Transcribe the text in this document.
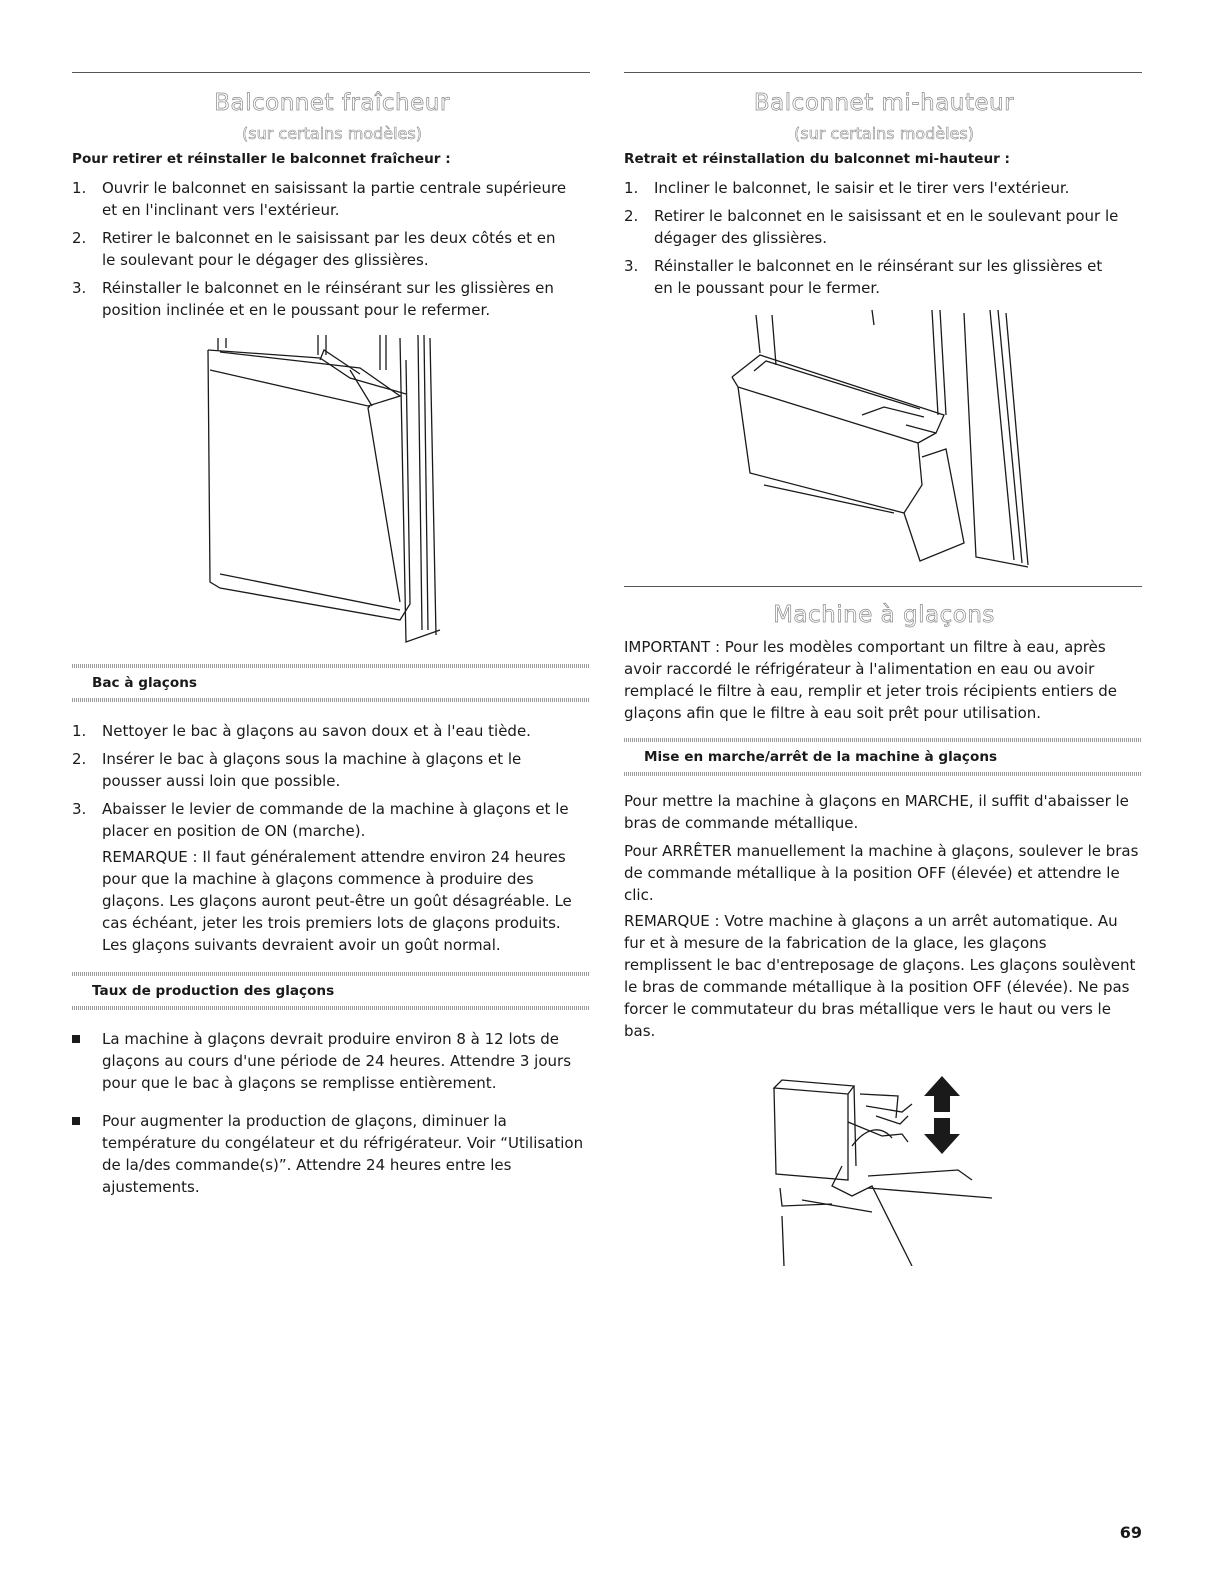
Balconnet fraîcheur
(sur certains modèles)
Pour retirer et réinstaller le balconnet fraîcheur :
1. Ouvrir le balconnet en saisissant la partie centrale supérieure et en l'inclinant vers l'extérieur.
2. Retirer le balconnet en le saisissant par les deux côtés et en le soulevant pour le dégager des glissières.
3. Réinstaller le balconnet en le réinsérant sur les glissières en position inclinée et en le poussant pour le refermer.
Bac à glaçons
1. Nettoyer le bac à glaçons au savon doux et à l'eau tiède.
2. Insérer le bac à glaçons sous la machine à glaçons et le pousser aussi loin que possible.
3. Abaisser le levier de commande de la machine à glaçons et le placer en position de ON (marche).
REMARQUE : Il faut généralement attendre environ 24 heures pour que la machine à glaçons commence à produire des glaçons. Les glaçons auront peut-être un goût désagréable. Le cas échéant, jeter les trois premiers lots de glaçons produits. Les glaçons suivants devraient avoir un goût normal.
Taux de production des glaçons
La machine à glaçons devrait produire environ 8 à 12 lots de glaçons au cours d'une période de 24 heures. Attendre 3 jours pour que le bac à glaçons se remplisse entièrement.
Pour augmenter la production de glaçons, diminuer la température du congélateur et du réfrigérateur. Voir “Utilisation de la/des commande(s)”. Attendre 24 heures entre les ajustements.
Balconnet mi-hauteur
(sur certains modèles)
Retrait et réinstallation du balconnet mi-hauteur :
1. Incliner le balconnet, le saisir et le tirer vers l'extérieur.
2. Retirer le balconnet en le saisissant et en le soulevant pour le dégager des glissières.
3. Réinstaller le balconnet en le réinsérant sur les glissières et en le poussant pour le fermer.
Machine à glaçons

IMPORTANT : Pour les modèles comportant un filtre à eau, après avoir raccordé le réfrigérateur à l'alimentation en eau ou avoir remplacé le filtre à eau, remplir et jeter trois récipients entiers de glaçons afin que le filtre à eau soit prêt pour utilisation.

Mise en marche/arrêt de la machine à glaçons

Pour mettre la machine à glaçons en MARCHE, il suffit d'abaisser le bras de commande métallique.

Pour ARRÊTER manuellement la machine à glaçons, soulever le bras de commande métallique à la position OFF (élevée) et attendre le clic.

REMARQUE : Votre machine à glaçons a un arrêt automatique. Au fur et à mesure de la fabrication de la glace, les glaçons remplissent le bac d'entreposage de glaçons. Les glaçons soulèvent le bras de commande métallique à la position OFF (élevée). Ne pas forcer le commutateur du bras métallique vers le haut ou vers le bas.

69
